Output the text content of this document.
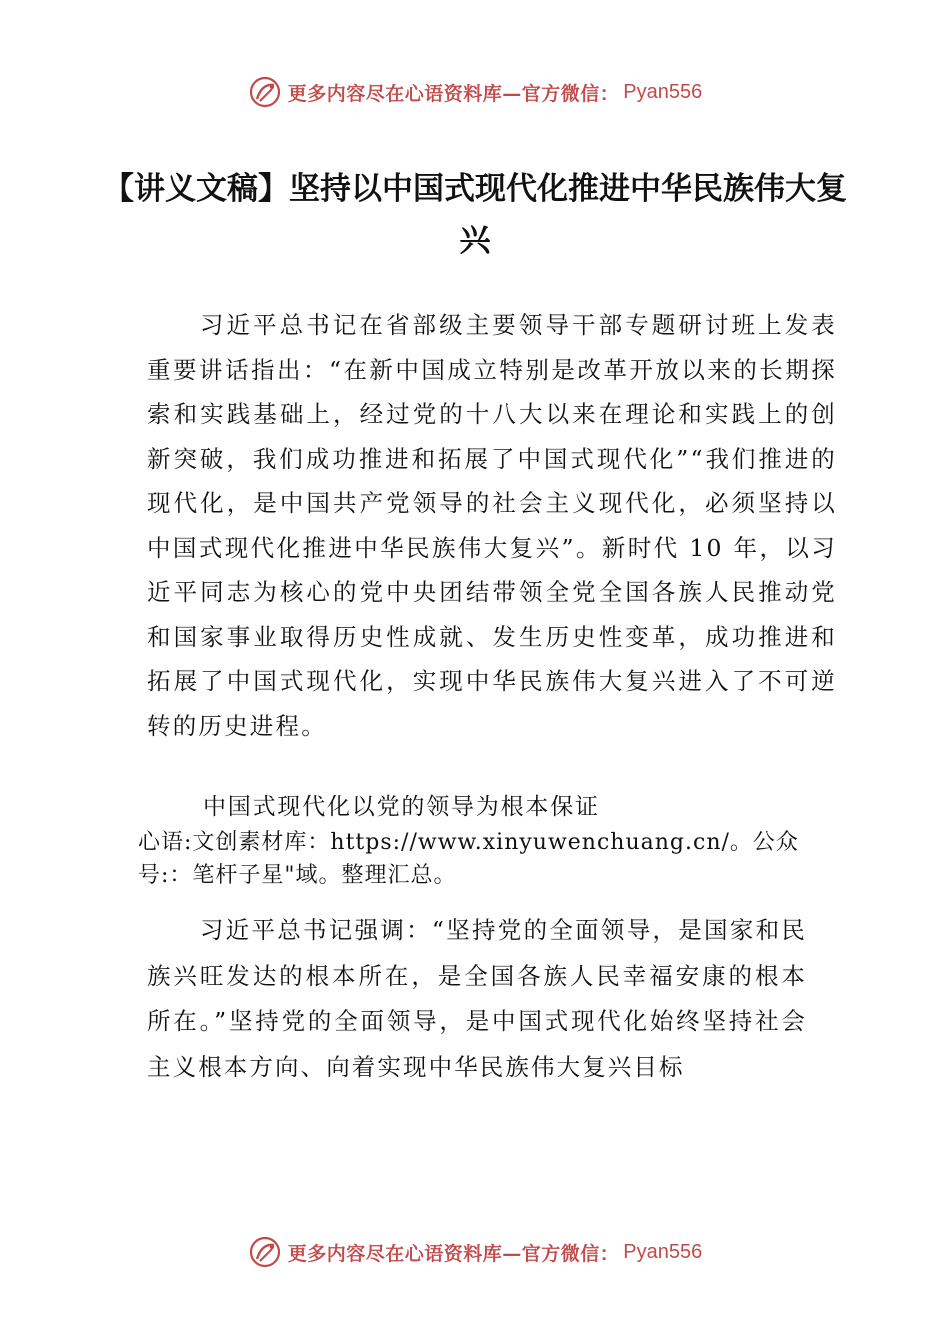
更多内容尽在心语资料库—官方微信： Pyan556
【讲义文稿】坚持以中国式现代化推进中华民族伟大复兴

习近平总书记在省部级主要领导干部专题研讨班上发表重要讲话指出：“在新中国成立特别是改革开放以来的长期探索和实践基础上，经过党的十八大以来在理论和实践上的创新突破，我们成功推进和拓展了中国式现代化”“我们推进的现代化，是中国共产党领导的社会主义现代化，必须坚持以中国式现代化推进中华民族伟大复兴”。新时代 10 年，以习近平同志为核心的党中央团结带领全党全国各族人民推动党和国家事业取得历史性成就、发生历史性变革，成功推进和拓展了中国式现代化，实现中华民族伟大复兴进入了不可逆转的历史进程。

中国式现代化以党的领导为根本保证

心语:文创素材库：https://www.xinyuwenchuang.cn/。公众号:：笔杆子星"域。整理汇总。

习近平总书记强调：“坚持党的全面领导，是国家和民族兴旺发达的根本所在，是全国各族人民幸福安康的根本所在。”坚持党的全面领导，是中国式现代化始终坚持社会主义根本方向、向着实现中华民族伟大复兴目标

更多内容尽在心语资料库—官方微信： Pyan556
